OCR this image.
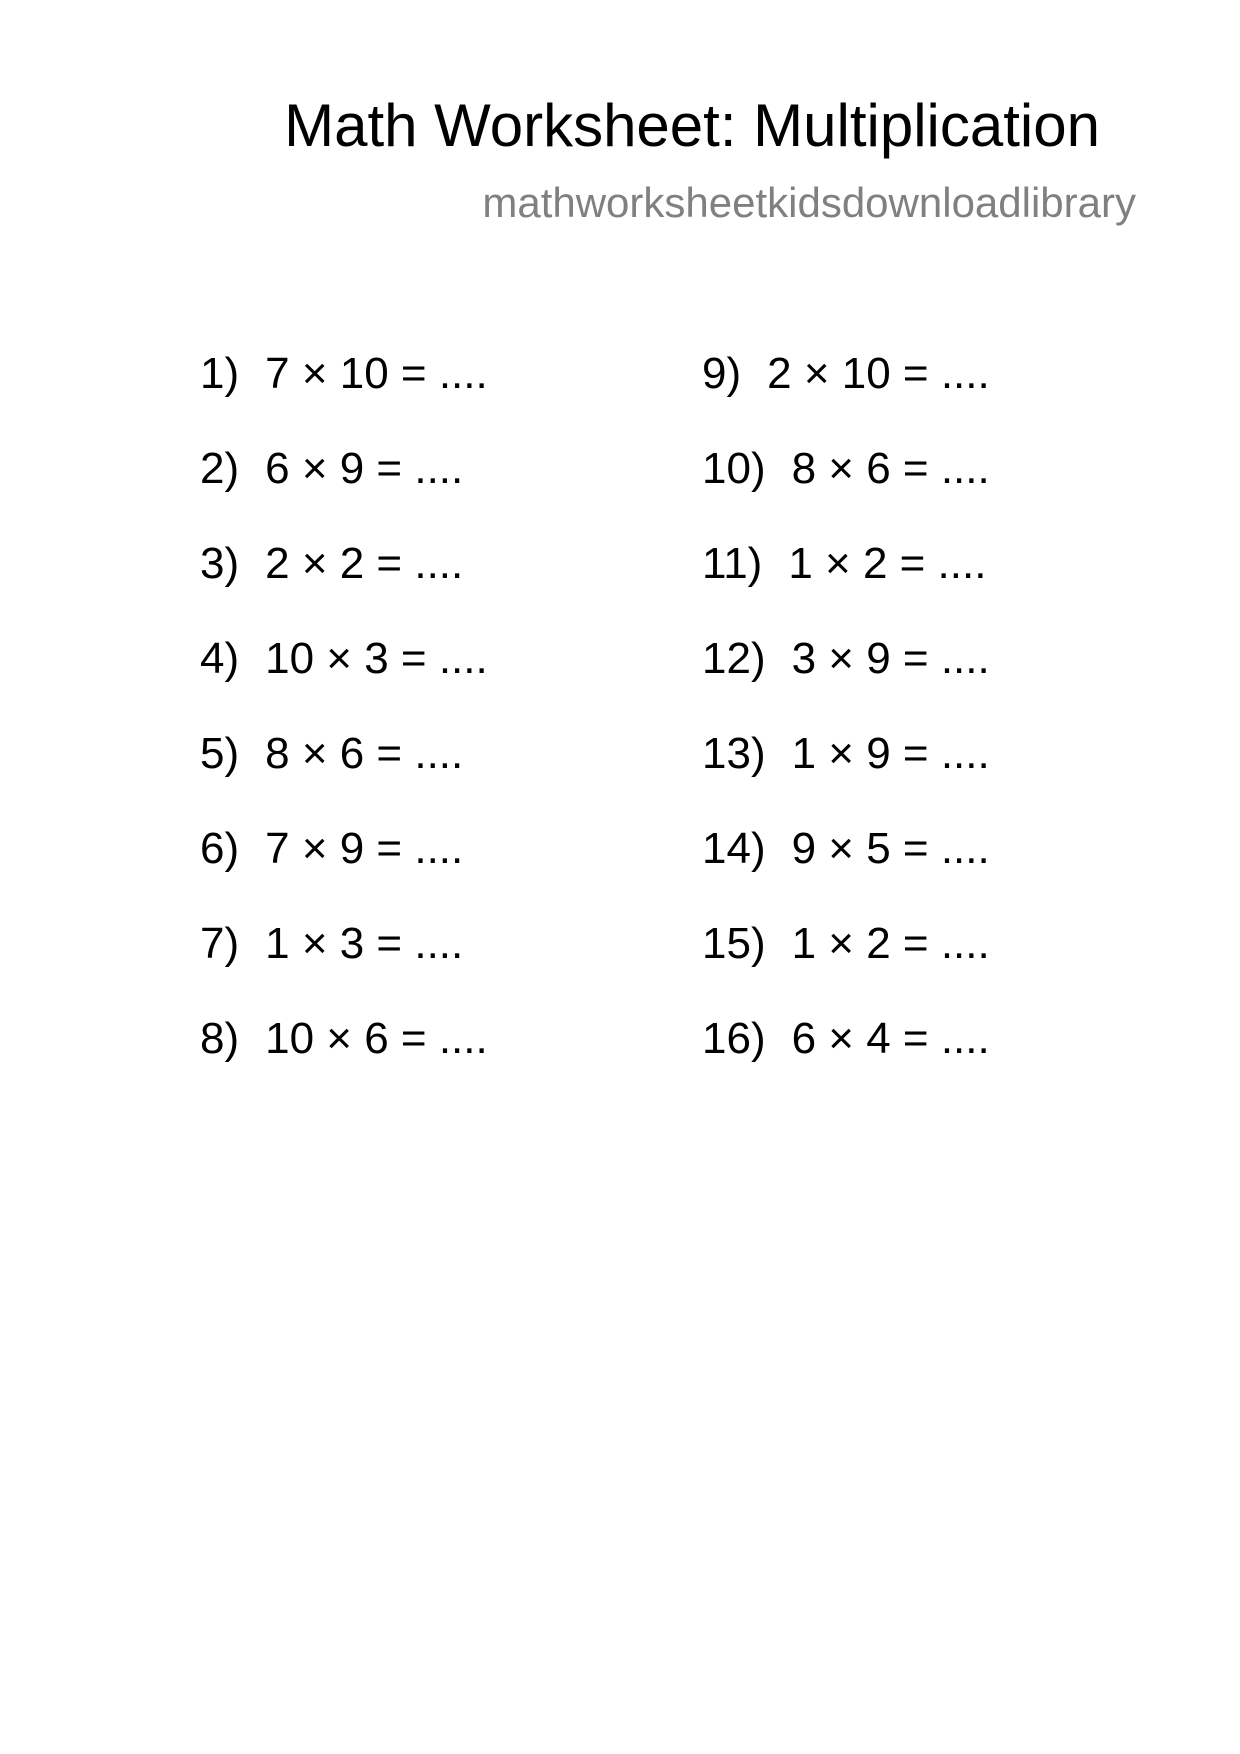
Math Worksheet: Multiplication
mathworksheetkidsdownloadlibrary
1) 7 × 10 = ....
2) 6 × 9 = ....
3) 2 × 2 = ....
4) 10 × 3 = ....
5) 8 × 6 = ....
6) 7 × 9 = ....
7) 1 × 3 = ....
8) 10 × 6 = ....
9) 2 × 10 = ....
10) 8 × 6 = ....
11) 1 × 2 = ....
12) 3 × 9 = ....
13) 1 × 9 = ....
14) 9 × 5 = ....
15) 1 × 2 = ....
16) 6 × 4 = ....
